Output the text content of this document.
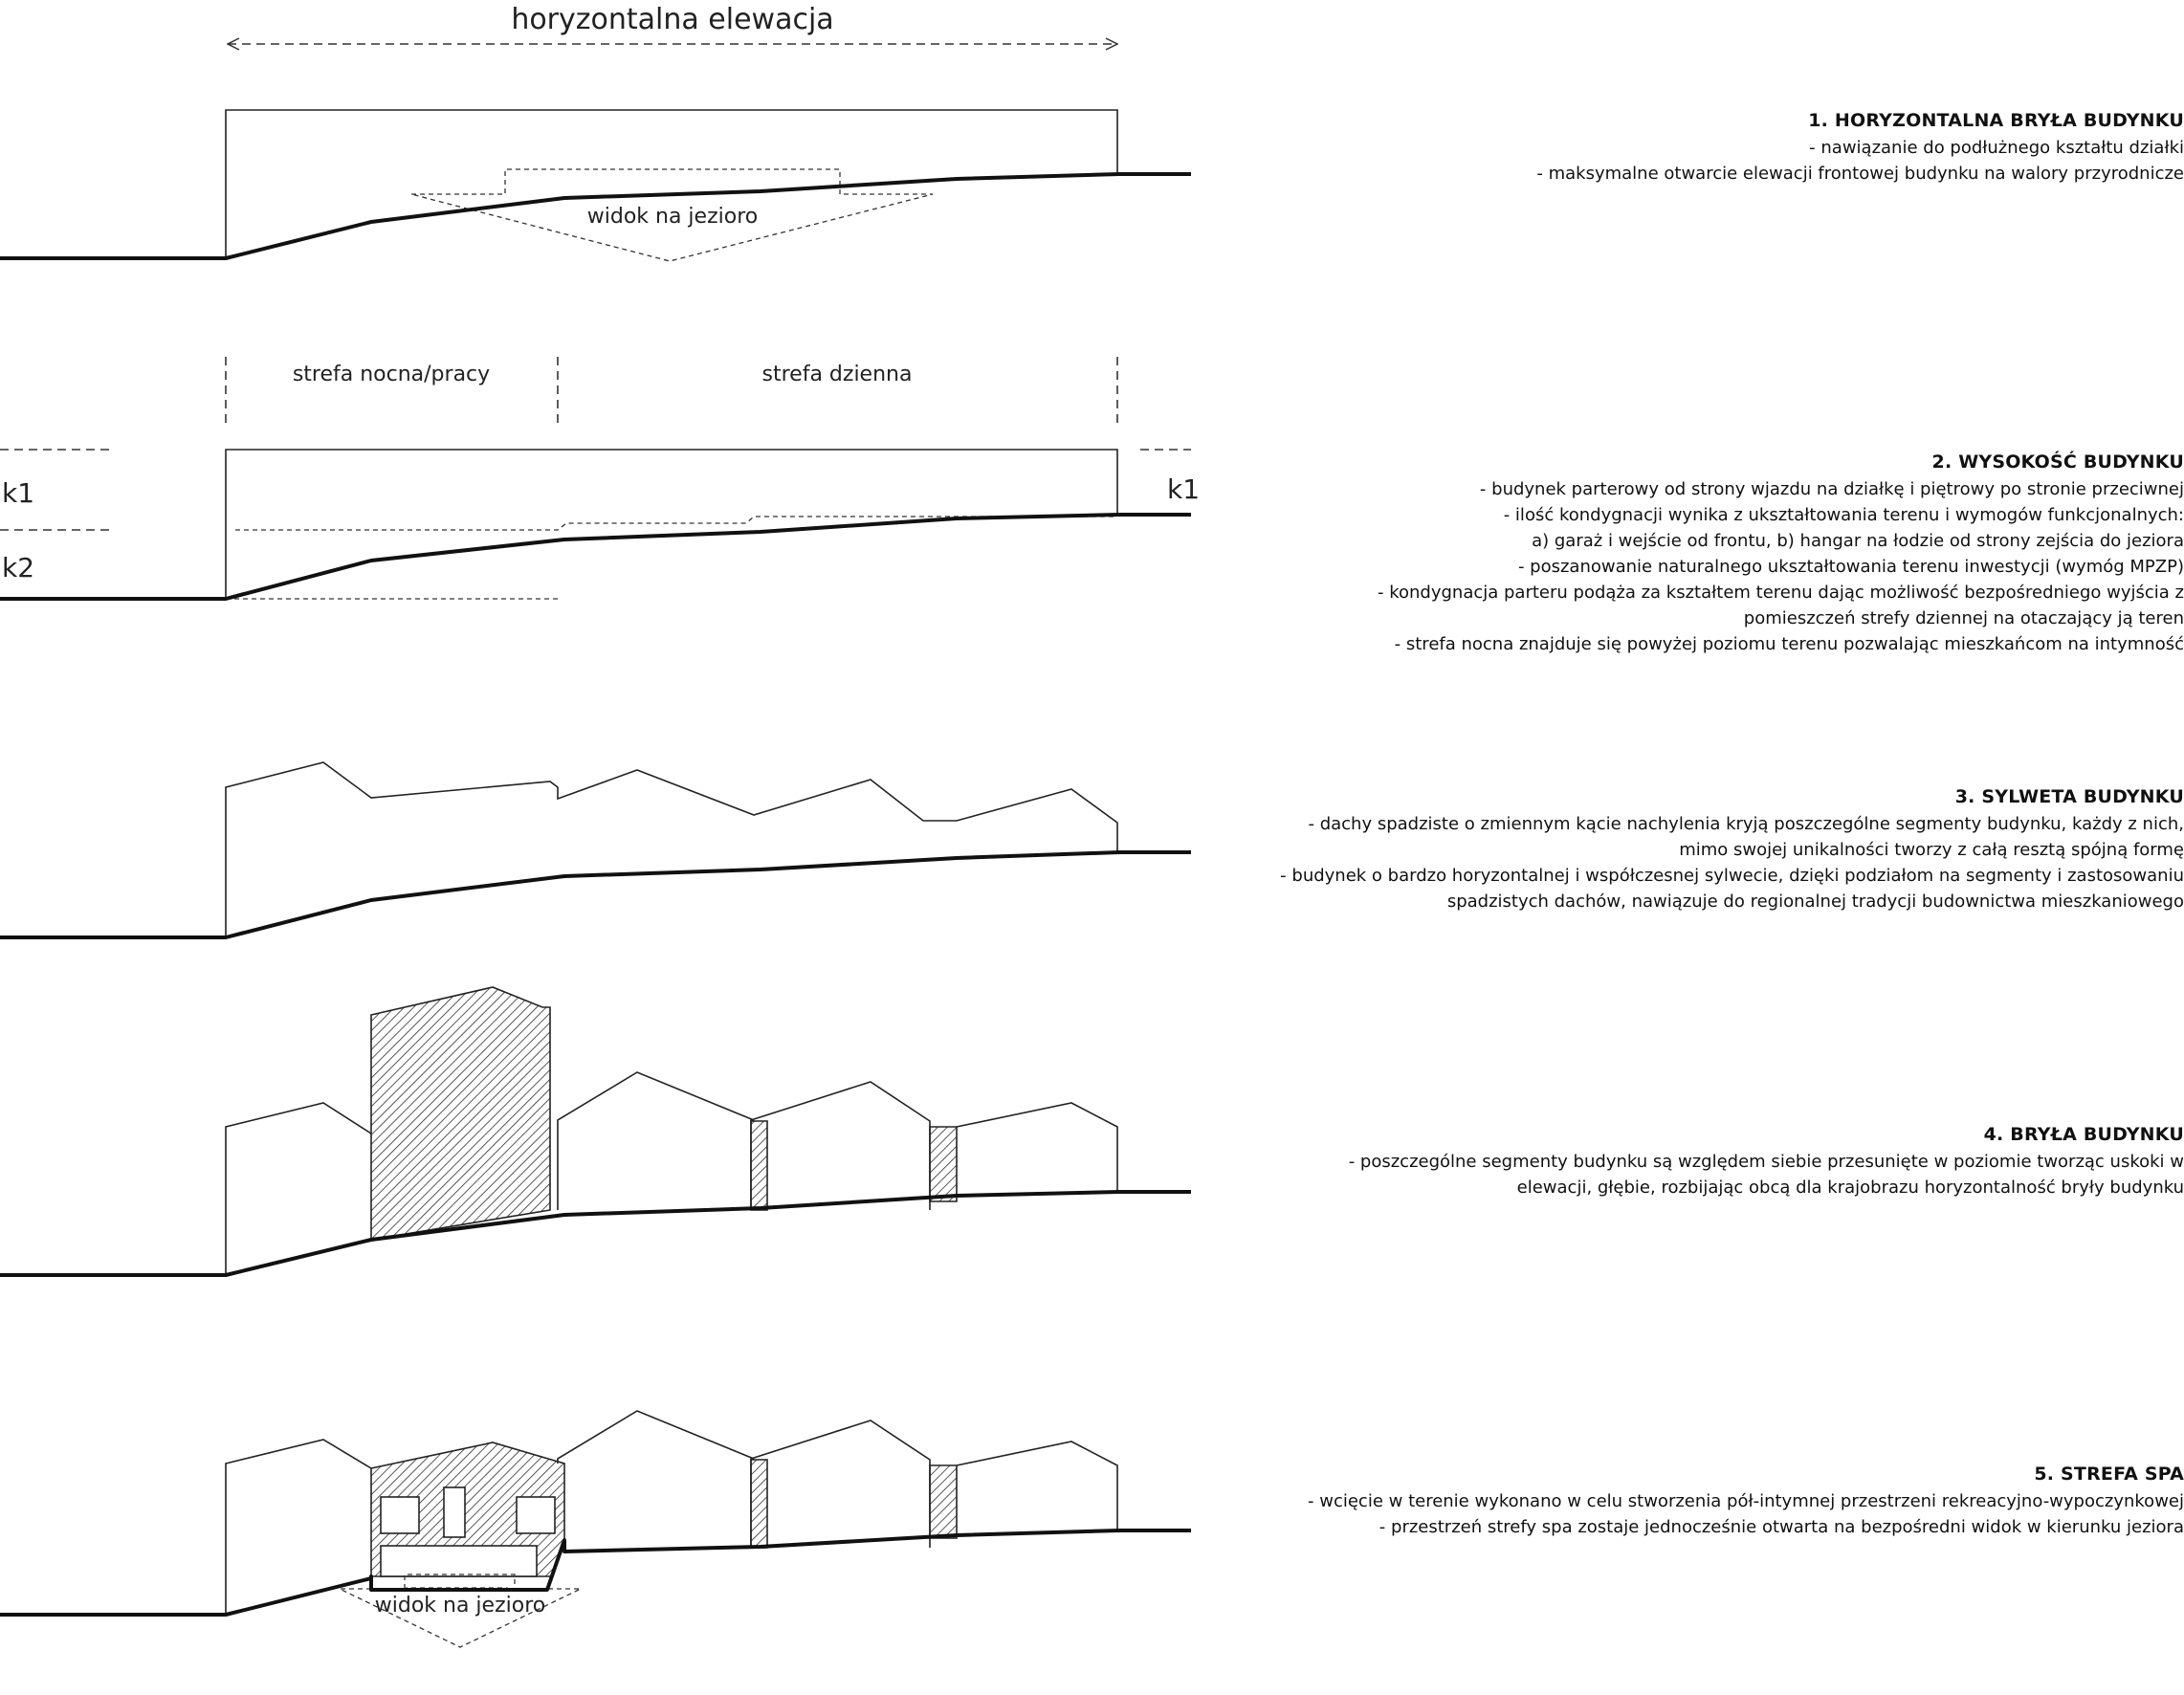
horyzontalna elewacja
widok na jezioro
strefa nocna/pracy	strefa dzienna
k1
k2
k1
widok na jezioro
1. HORYZONTALNA BRYŁA BUDYNKU

- nawiązanie do podłużnego kształtu działki

- maksymalne otwarcie elewacji frontowej budynku na walory przyrodnicze

2. WYSOKOŚĆ BUDYNKU

- budynek parterowy od strony wjazdu na działkę i piętrowy po stronie przeciwnej

- ilość kondygnacji wynika z ukształtowania terenu i wymogów funkcjonalnych:

a) garaż i wejście od frontu, b) hangar na łodzie od strony zejścia do jeziora

- poszanowanie naturalnego ukształtowania terenu inwestycji (wymóg MPZP)

- kondygnacja parteru podąża za kształtem terenu dając możliwość bezpośredniego wyjścia z

pomieszczeń strefy dziennej na otaczający ją teren

- strefa nocna znajduje się powyżej poziomu terenu pozwalając mieszkańcom na intymność

3. SYLWETA BUDYNKU

- dachy spadziste o zmiennym kącie nachylenia kryją poszczególne segmenty budynku, każdy z nich,

mimo swojej unikalności tworzy z całą resztą spójną formę

- budynek o bardzo horyzontalnej i współczesnej sylwecie, dzięki podziałom na segmenty i zastosowaniu

spadzistych dachów, nawiązuje do regionalnej tradycji budownictwa mieszkaniowego

4. BRYŁA BUDYNKU

- poszczególne segmenty budynku są względem siebie przesunięte w poziomie tworząc uskoki w

elewacji, głębie, rozbijając obcą dla krajobrazu horyzontalność bryły budynku

5. STREFA SPA

- wcięcie w terenie wykonano w celu stworzenia pół-intymnej przestrzeni rekreacyjno-wypoczynkowej

- przestrzeń strefy spa zostaje jednocześnie otwarta na bezpośredni widok w kierunku jeziora
